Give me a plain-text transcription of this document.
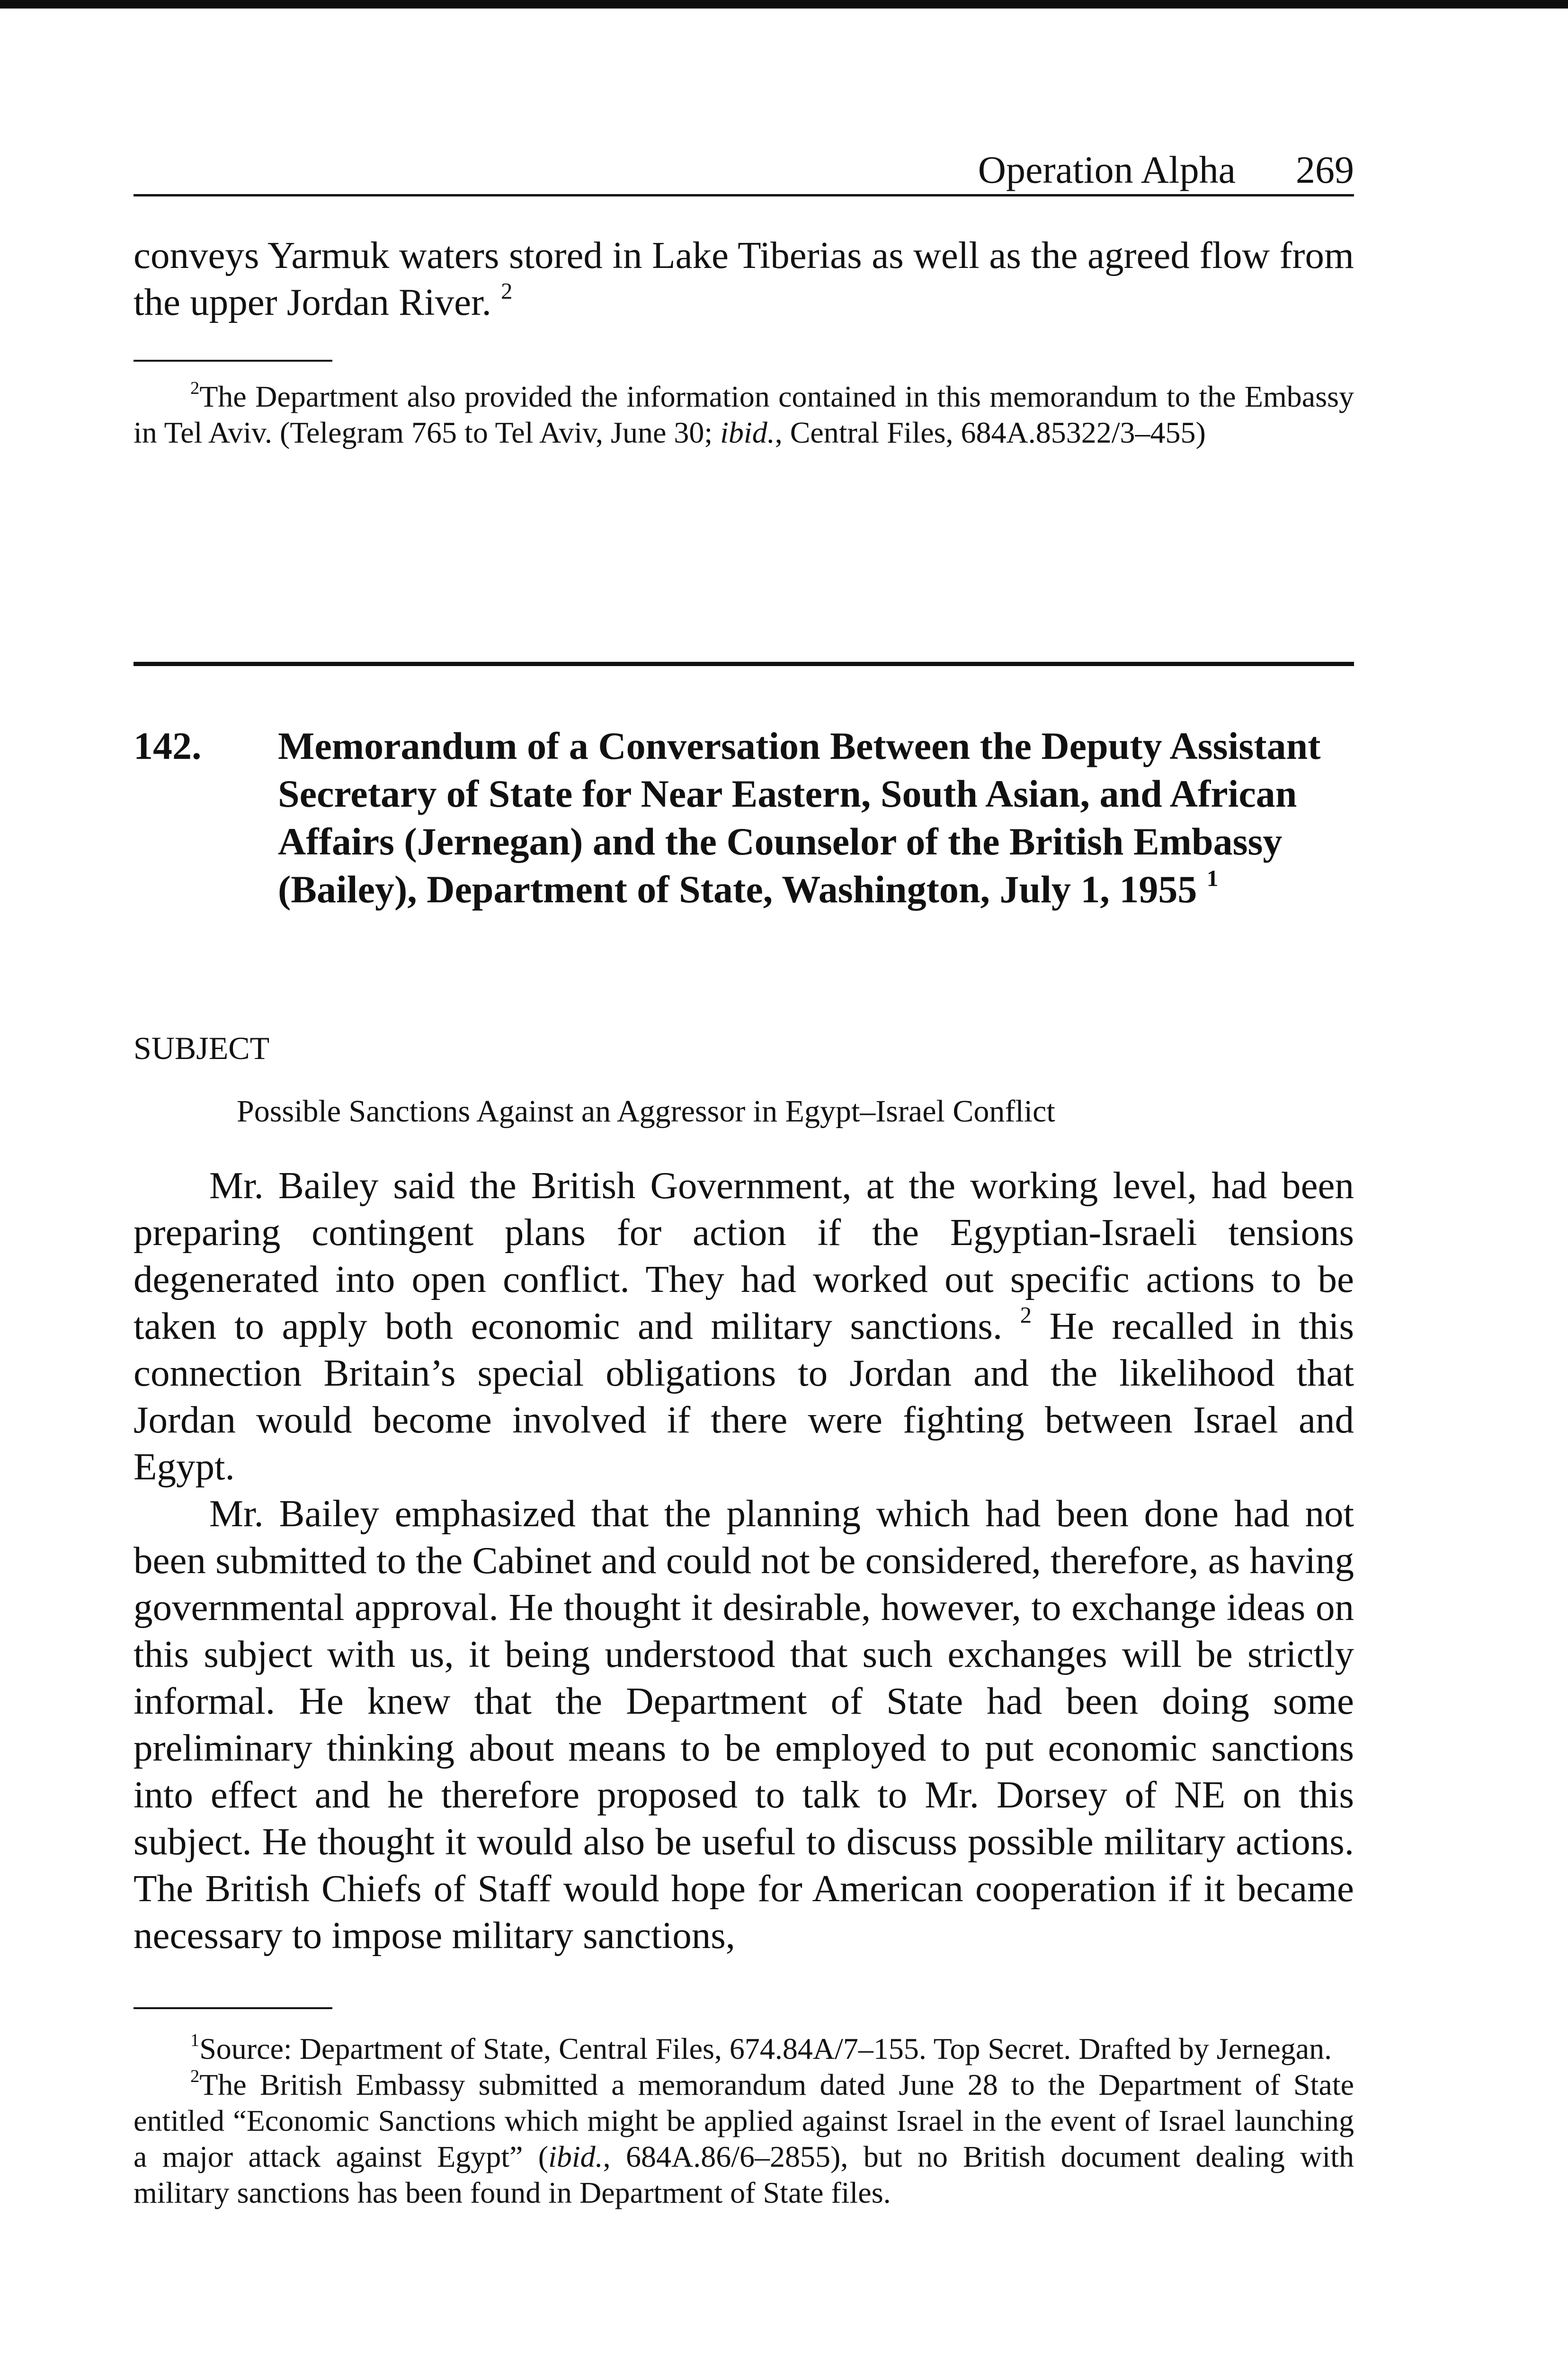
Operation Alpha 269

conveys Yarmuk waters stored in Lake Tiberias as well as the agreed flow from the upper Jordan River. $^2$

$^2$The Department also provided the information contained in this memorandum to the Embassy in Tel Aviv. (Telegram 765 to Tel Aviv, June 30; ibid., Central Files, 684A.85322/3–455)

142. Memorandum of a Conversation Between the Deputy Assistant Secretary of State for Near Eastern, South Asian, and African Affairs (Jernegan) and the Counselor of the British Embassy (Bailey), Department of State, Washington, July 1, 1955 $^1$
SUBJECT
Possible Sanctions Against an Aggressor in Egypt–Israel Conflict

Mr. Bailey said the British Government, at the working level, had been preparing contingent plans for action if the Egyptian-Israeli tensions degenerated into open conflict. They had worked out specific actions to be taken to apply both economic and military sanctions. $^2$ He recalled in this connection Britain’s special obligations to Jordan and the likelihood that Jordan would become involved if there were fighting between Israel and Egypt.

Mr. Bailey emphasized that the planning which had been done had not been submitted to the Cabinet and could not be considered, therefore, as having governmental approval. He thought it desirable, however, to exchange ideas on this subject with us, it being understood that such exchanges will be strictly informal. He knew that the Department of State had been doing some preliminary thinking about means to be employed to put economic sanctions into effect and he therefore proposed to talk to Mr. Dorsey of NE on this subject. He thought it would also be useful to discuss possible military actions. The British Chiefs of Staff would hope for American cooperation if it became necessary to impose military sanctions,

$^1$Source: Department of State, Central Files, 674.84A/7–155. Top Secret. Drafted by Jernegan.

$^2$The British Embassy submitted a memorandum dated June 28 to the Department of State entitled “Economic Sanctions which might be applied against Israel in the event of Israel launching a major attack against Egypt” (ibid., 684A.86/6–2855), but no British document dealing with military sanctions has been found in Department of State files.
